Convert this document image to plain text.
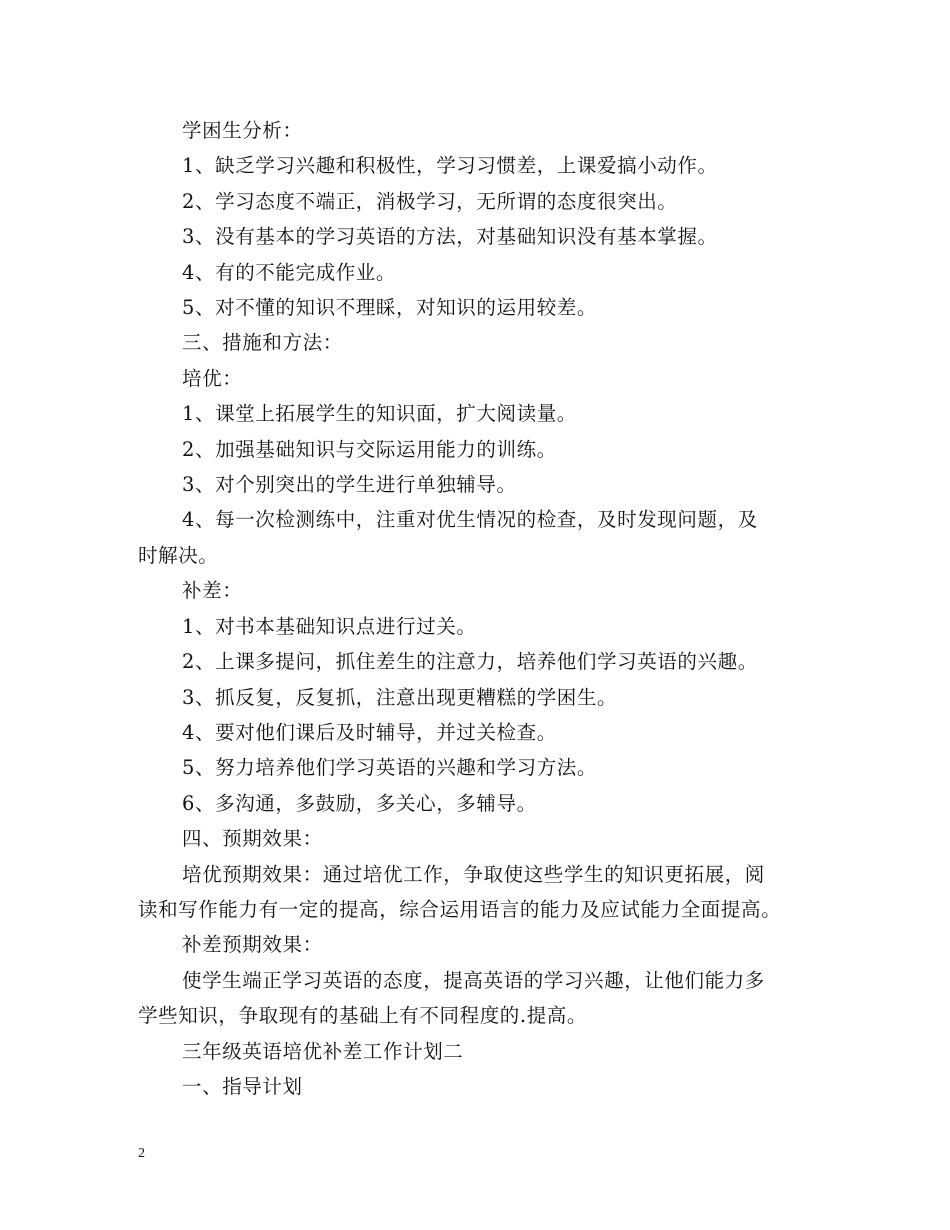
学困生分析：

1、缺乏学习兴趣和积极性，学习习惯差，上课爱搞小动作。

2、学习态度不端正，消极学习，无所谓的态度很突出。

3、没有基本的学习英语的方法，对基础知识没有基本掌握。

4、有的不能完成作业。

5、对不懂的知识不理睬，对知识的运用较差。

三、措施和方法：

培优：

1、课堂上拓展学生的知识面，扩大阅读量。

2、加强基础知识与交际运用能力的训练。

3、对个别突出的学生进行单独辅导。

4、每一次检测练中，注重对优生情况的检查，及时发现问题，及

时解决。

补差：

1、对书本基础知识点进行过关。

2、上课多提问，抓住差生的注意力，培养他们学习英语的兴趣。

3、抓反复，反复抓，注意出现更糟糕的学困生。

4、要对他们课后及时辅导，并过关检查。

5、努力培养他们学习英语的兴趣和学习方法。

6、多沟通，多鼓励，多关心，多辅导。

四、预期效果：

培优预期效果：通过培优工作，争取使这些学生的知识更拓展，阅

读和写作能力有一定的提高，综合运用语言的能力及应试能力全面提高。

补差预期效果：

使学生端正学习英语的态度，提高英语的学习兴趣，让他们能力多

学些知识，争取现有的基础上有不同程度的.提高。

三年级英语培优补差工作计划二

一、指导计划

2
